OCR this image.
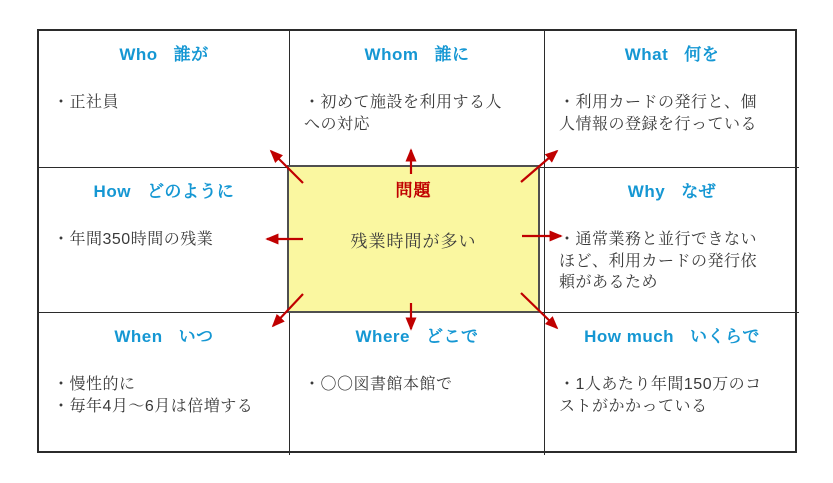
Who 誰が
・正社員
Whom 誰に
・初めて施設を利用する人への対応
What 何を
・利用カードの発行と、個人情報の登録を行っている
How どのように
・年間350時間の残業
Why なぜ
・通常業務と並行できないほど、利用カードの発行依頼があるため
When いつ
・慢性的に
・毎年4月〜6月は倍増する
Where どこで
・〇〇図書館本館で
How much いくらで
・1人あたり年間150万のコストがかかっている
問題
残業時間が多い
